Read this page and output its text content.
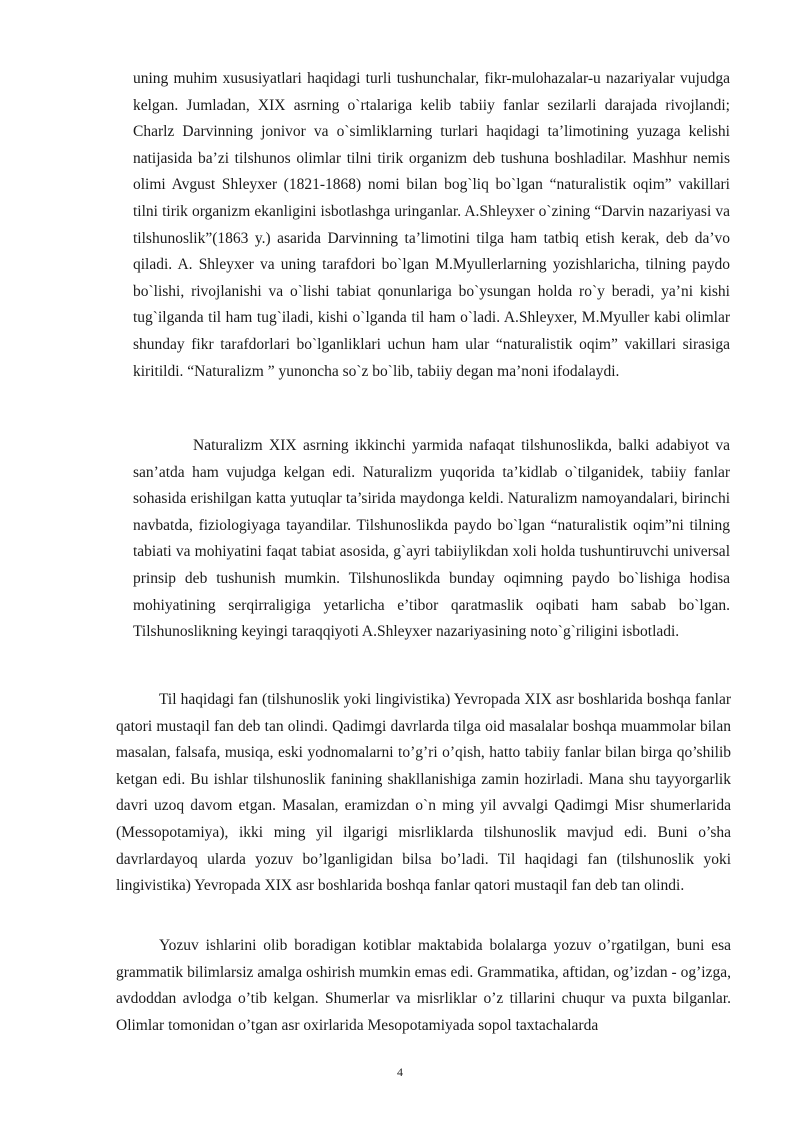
uning muhim xususiyatlari haqidagi turli tushunchalar, fikr-mulohazalar-u nazariyalar vujudga kelgan. Jumladan, XIX asrning o`rtalariga kelib tabiiy fanlar sezilarli darajada rivojlandi; Charlz Darvinning jonivor va o`simliklarning turlari haqidagi ta’limotining yuzaga kelishi natijasida ba’zi tilshunos olimlar tilni tirik organizm deb tushuna boshladilar. Mashhur nemis olimi Avgust Shleyxer (1821-1868) nomi bilan bog`liq bo`lgan “naturalistik oqim” vakillari tilni tirik organizm ekanligini isbotlashga uringanlar. A.Shleyxer o`zining “Darvin nazariyasi va tilshunoslik”(1863 y.) asarida Darvinning ta’limotini tilga ham tatbiq etish kerak, deb da’vo qiladi. A. Shleyxer va uning tarafdori bo`lgan M.Myullerlarning yozishlaricha, tilning paydo bo`lishi, rivojlanishi va o`lishi tabiat qonunlariga bo`ysungan holda ro`y beradi, ya’ni kishi tug`ilganda til ham tug`iladi, kishi o`lganda til ham o`ladi. A.Shleyxer, M.Myuller kabi olimlar shunday fikr tarafdorlari bo`lganliklari uchun ham ular “naturalistik oqim” vakillari sirasiga kiritildi. “Naturalizm ” yunoncha so`z bo`lib, tabiiy degan ma’noni ifodalaydi.

Naturalizm XIX asrning ikkinchi yarmida nafaqat tilshunoslikda, balki adabiyot va san’atda ham vujudga kelgan edi. Naturalizm yuqorida ta’kidlab o`tilganidek, tabiiy fanlar sohasida erishilgan katta yutuqlar ta’sirida maydonga keldi. Naturalizm namoyandalari, birinchi navbatda, fiziologiyaga tayandilar. Tilshunoslikda paydo bo`lgan “naturalistik oqim”ni tilning tabiati va mohiyatini faqat tabiat asosida, g`ayri tabiiylikdan xoli holda tushuntiruvchi universal prinsip deb tushunish mumkin. Tilshunoslikda bunday oqimning paydo bo`lishiga hodisa mohiyatining serqirraligiga yetarlicha e’tibor qaratmaslik oqibati ham sabab bo`lgan. Tilshunoslikning keyingi taraqqiyoti A.Shleyxer nazariyasining noto`g`riligini isbotladi.

Til haqidagi fan (tilshunoslik yoki lingivistika) Yevropada XIX asr boshlarida boshqa fanlar qatori mustaqil fan deb tan olindi. Qadimgi davrlarda tilga oid masalalar boshqa muammolar bilan masalan, falsafa, musiqa, eski yodnomalarni to’g’ri o’qish, hatto tabiiy fanlar bilan birga qo’shilib ketgan edi. Bu ishlar tilshunoslik fanining shakllanishiga zamin hozirladi. Mana shu tayyorgarlik davri uzoq davom etgan. Masalan, eramizdan o`n ming yil avvalgi Qadimgi Misr shumerlarida (Messopotamiya), ikki ming yil ilgarigi misrliklarda tilshunoslik mavjud edi. Buni o’sha davrlardayoq ularda yozuv bo’lganligidan bilsa bo’ladi. Til haqidagi fan (tilshunoslik yoki lingivistika) Yevropada XIX asr boshlarida boshqa fanlar qatori mustaqil fan deb tan olindi.

Yozuv ishlarini olib boradigan kotiblar maktabida bolalarga yozuv o’rgatilgan, buni esa grammatik bilimlarsiz amalga oshirish mumkin emas edi. Grammatika, aftidan, og’izdan - og’izga, avdoddan avlodga o’tib kelgan. Shumerlar va misrliklar o’z tillarini chuqur va puxta bilganlar. Olimlar tomonidan o’tgan asr oxirlarida Mesopotamiyada sopol taxtachalarda

4
